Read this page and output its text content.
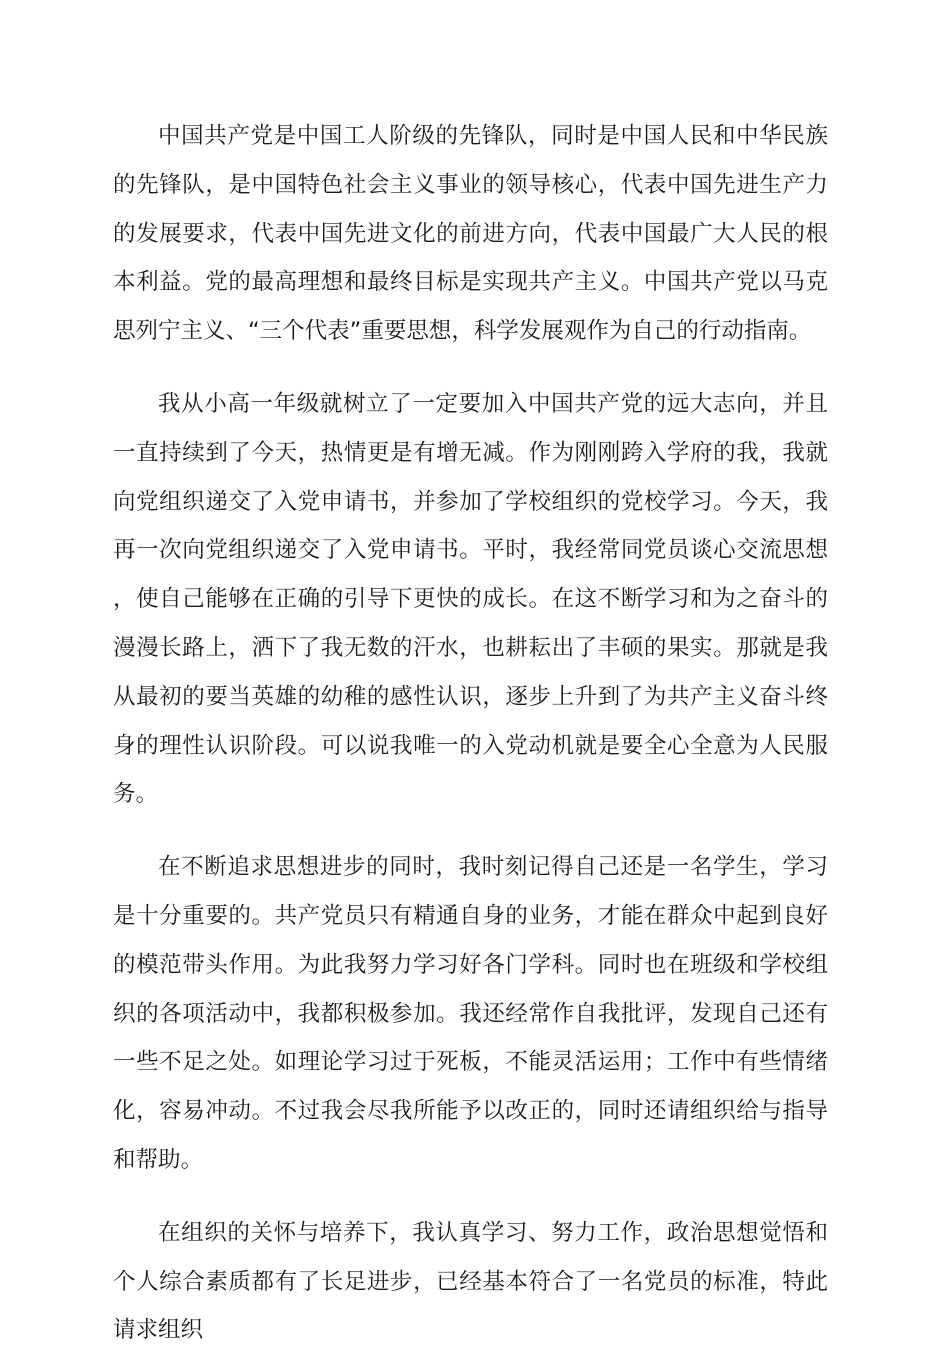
中国共产党是中国工人阶级的先锋队，同时是中国人民和中华民族的先锋队，是中国特色社会主义事业的领导核心，代表中国先进生产力的发展要求，代表中国先进文化的前进方向，代表中国最广大人民的根本利益。党的最高理想和最终目标是实现共产主义。中国共产党以马克思列宁主义、“三个代表”重要思想，科学发展观作为自己的行动指南。

我从小高一年级就树立了一定要加入中国共产党的远大志向，并且一直持续到了今天，热情更是有增无减。作为刚刚跨入学府的我，我就向党组织递交了入党申请书，并参加了学校组织的党校学习。今天，我再一次向党组织递交了入党申请书。平时，我经常同党员谈心交流思想，使自己能够在正确的引导下更快的成长。在这不断学习和为之奋斗的漫漫长路上，洒下了我无数的汗水，也耕耘出了丰硕的果实。那就是我从最初的要当英雄的幼稚的感性认识，逐步上升到了为共产主义奋斗终身的理性认识阶段。可以说我唯一的入党动机就是要全心全意为人民服务。

在不断追求思想进步的同时，我时刻记得自己还是一名学生，学习是十分重要的。共产党员只有精通自身的业务，才能在群众中起到良好的模范带头作用。为此我努力学习好各门学科。同时也在班级和学校组织的各项活动中，我都积极参加。我还经常作自我批评，发现自己还有一些不足之处。如理论学习过于死板，不能灵活运用；工作中有些情绪化，容易冲动。不过我会尽我所能予以改正的，同时还请组织给与指导和帮助。

在组织的关怀与培养下，我认真学习、努力工作，政治思想觉悟和个人综合素质都有了长足进步，已经基本符合了一名党员的标准，特此请求组织
